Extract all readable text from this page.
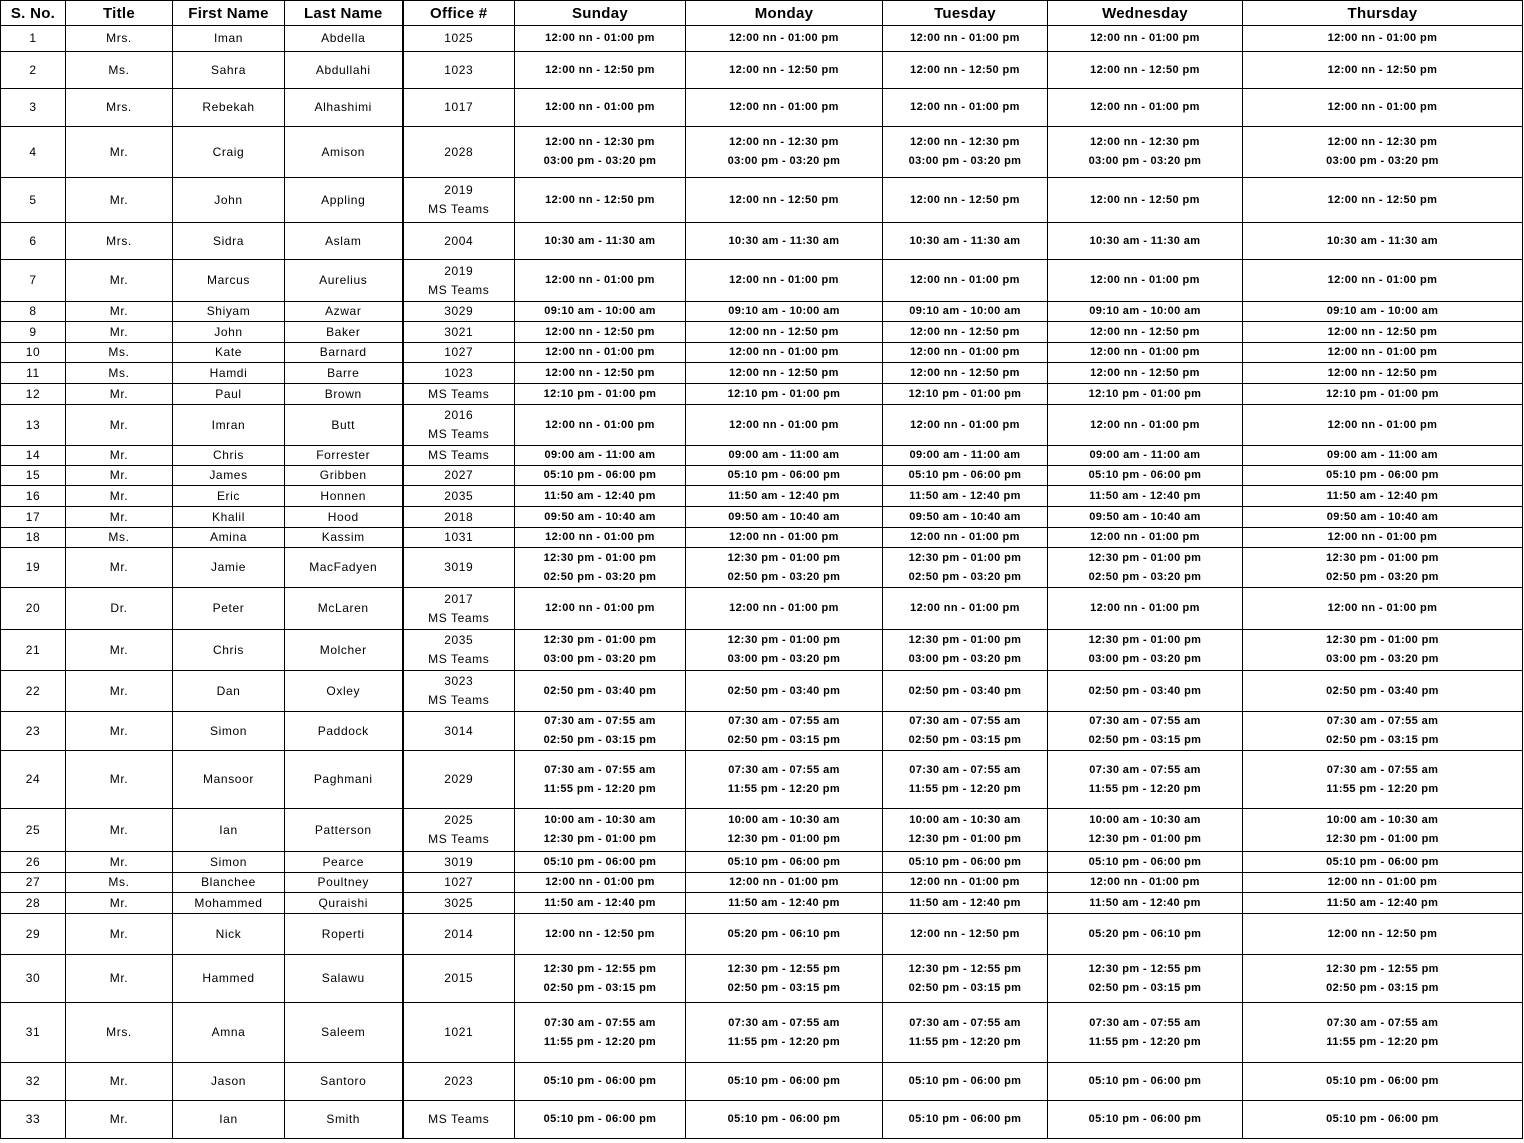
S. No.	Title	First Name	Last Name	Office #	Sunday	Monday	Tuesday	Wednesday	Thursday
1	Mrs.	Iman	Abdella	1025	12:00 nn - 01:00 pm	12:00 nn - 01:00 pm	12:00 nn - 01:00 pm	12:00 nn - 01:00 pm	12:00 nn - 01:00 pm

2	Ms.	Sahra	Abdullahi	1023	12:00 nn - 12:50 pm	12:00 nn - 12:50 pm	12:00 nn - 12:50 pm	12:00 nn - 12:50 pm	12:00 nn - 12:50 pm

3	Mrs.	Rebekah	Alhashimi	1017	12:00 nn - 01:00 pm	12:00 nn - 01:00 pm	12:00 nn - 01:00 pm	12:00 nn - 01:00 pm	12:00 nn - 01:00 pm

4	Mr.	Craig	Amison	2028	12:00 nn - 12:30 pm
03:00 pm - 03:20 pm	12:00 nn - 12:30 pm
03:00 pm - 03:20 pm	12:00 nn - 12:30 pm
03:00 pm - 03:20 pm	12:00 nn - 12:30 pm
03:00 pm - 03:20 pm	12:00 nn - 12:30 pm
03:00 pm - 03:20 pm

5	Mr.	John	Appling	2019
MS Teams	12:00 nn - 12:50 pm	12:00 nn - 12:50 pm	12:00 nn - 12:50 pm	12:00 nn - 12:50 pm	12:00 nn - 12:50 pm

6	Mrs.	Sidra	Aslam	2004	10:30 am - 11:30 am	10:30 am - 11:30 am	10:30 am - 11:30 am	10:30 am - 11:30 am	10:30 am - 11:30 am

7	Mr.	Marcus	Aurelius	2019
MS Teams	12:00 nn - 01:00 pm	12:00 nn - 01:00 pm	12:00 nn - 01:00 pm	12:00 nn - 01:00 pm	12:00 nn - 01:00 pm

8	Mr.	Shiyam	Azwar	3029	09:10 am - 10:00 am	09:10 am - 10:00 am	09:10 am - 10:00 am	09:10 am - 10:00 am	09:10 am - 10:00 am

9	Mr.	John	Baker	3021	12:00 nn - 12:50 pm	12:00 nn - 12:50 pm	12:00 nn - 12:50 pm	12:00 nn - 12:50 pm	12:00 nn - 12:50 pm

10	Ms.	Kate	Barnard	1027	12:00 nn - 01:00 pm	12:00 nn - 01:00 pm	12:00 nn - 01:00 pm	12:00 nn - 01:00 pm	12:00 nn - 01:00 pm

11	Ms.	Hamdi	Barre	1023	12:00 nn - 12:50 pm	12:00 nn - 12:50 pm	12:00 nn - 12:50 pm	12:00 nn - 12:50 pm	12:00 nn - 12:50 pm

12	Mr.	Paul	Brown	MS Teams	12:10 pm - 01:00 pm	12:10 pm - 01:00 pm	12:10 pm - 01:00 pm	12:10 pm - 01:00 pm	12:10 pm - 01:00 pm

13	Mr.	Imran	Butt	2016
MS Teams	12:00 nn - 01:00 pm	12:00 nn - 01:00 pm	12:00 nn - 01:00 pm	12:00 nn - 01:00 pm	12:00 nn - 01:00 pm

14	Mr.	Chris	Forrester	MS Teams	09:00 am - 11:00 am	09:00 am - 11:00 am	09:00 am - 11:00 am	09:00 am - 11:00 am	09:00 am - 11:00 am

15	Mr.	James	Gribben	2027	05:10 pm - 06:00 pm	05:10 pm - 06:00 pm	05:10 pm - 06:00 pm	05:10 pm - 06:00 pm	05:10 pm - 06:00 pm

16	Mr.	Eric	Honnen	2035	11:50 am - 12:40 pm	11:50 am - 12:40 pm	11:50 am - 12:40 pm	11:50 am - 12:40 pm	11:50 am - 12:40 pm

17	Mr.	Khalil	Hood	2018	09:50 am - 10:40 am	09:50 am - 10:40 am	09:50 am - 10:40 am	09:50 am - 10:40 am	09:50 am - 10:40 am

18	Ms.	Amina	Kassim	1031	12:00 nn - 01:00 pm	12:00 nn - 01:00 pm	12:00 nn - 01:00 pm	12:00 nn - 01:00 pm	12:00 nn - 01:00 pm

19	Mr.	Jamie	MacFadyen	3019	12:30 pm - 01:00 pm
02:50 pm - 03:20 pm	12:30 pm - 01:00 pm
02:50 pm - 03:20 pm	12:30 pm - 01:00 pm
02:50 pm - 03:20 pm	12:30 pm - 01:00 pm
02:50 pm - 03:20 pm	12:30 pm - 01:00 pm
02:50 pm - 03:20 pm

20	Dr.	Peter	McLaren	2017
MS Teams	12:00 nn - 01:00 pm	12:00 nn - 01:00 pm	12:00 nn - 01:00 pm	12:00 nn - 01:00 pm	12:00 nn - 01:00 pm

21	Mr.	Chris	Molcher	2035
MS Teams	12:30 pm - 01:00 pm
03:00 pm - 03:20 pm	12:30 pm - 01:00 pm
03:00 pm - 03:20 pm	12:30 pm - 01:00 pm
03:00 pm - 03:20 pm	12:30 pm - 01:00 pm
03:00 pm - 03:20 pm	12:30 pm - 01:00 pm
03:00 pm - 03:20 pm

22	Mr.	Dan	Oxley	3023
MS Teams	02:50 pm - 03:40 pm	02:50 pm - 03:40 pm	02:50 pm - 03:40 pm	02:50 pm - 03:40 pm	02:50 pm - 03:40 pm

23	Mr.	Simon	Paddock	3014	07:30 am - 07:55 am
02:50 pm - 03:15 pm	07:30 am - 07:55 am
02:50 pm - 03:15 pm	07:30 am - 07:55 am
02:50 pm - 03:15 pm	07:30 am - 07:55 am
02:50 pm - 03:15 pm	07:30 am - 07:55 am
02:50 pm - 03:15 pm

24	Mr.	Mansoor	Paghmani	2029	07:30 am - 07:55 am
11:55 pm - 12:20 pm	07:30 am - 07:55 am
11:55 pm - 12:20 pm	07:30 am - 07:55 am
11:55 pm - 12:20 pm	07:30 am - 07:55 am
11:55 pm - 12:20 pm	07:30 am - 07:55 am
11:55 pm - 12:20 pm

25	Mr.	Ian	Patterson	2025
MS Teams	10:00 am - 10:30 am
12:30 pm - 01:00 pm	10:00 am - 10:30 am
12:30 pm - 01:00 pm	10:00 am - 10:30 am
12:30 pm - 01:00 pm	10:00 am - 10:30 am
12:30 pm - 01:00 pm	10:00 am - 10:30 am
12:30 pm - 01:00 pm

26	Mr.	Simon	Pearce	3019	05:10 pm - 06:00 pm	05:10 pm - 06:00 pm	05:10 pm - 06:00 pm	05:10 pm - 06:00 pm	05:10 pm - 06:00 pm

27	Ms.	Blanchee	Poultney	1027	12:00 nn - 01:00 pm	12:00 nn - 01:00 pm	12:00 nn - 01:00 pm	12:00 nn - 01:00 pm	12:00 nn - 01:00 pm

28	Mr.	Mohammed	Quraishi	3025	11:50 am - 12:40 pm	11:50 am - 12:40 pm	11:50 am - 12:40 pm	11:50 am - 12:40 pm	11:50 am - 12:40 pm

29	Mr.	Nick	Roperti	2014	12:00 nn - 12:50 pm	05:20 pm - 06:10 pm	12:00 nn - 12:50 pm	05:20 pm - 06:10 pm	12:00 nn - 12:50 pm

30	Mr.	Hammed	Salawu	2015	12:30 pm - 12:55 pm
02:50 pm - 03:15 pm	12:30 pm - 12:55 pm
02:50 pm - 03:15 pm	12:30 pm - 12:55 pm
02:50 pm - 03:15 pm	12:30 pm - 12:55 pm
02:50 pm - 03:15 pm	12:30 pm - 12:55 pm
02:50 pm - 03:15 pm

31	Mrs.	Amna	Saleem	1021	07:30 am - 07:55 am
11:55 pm - 12:20 pm	07:30 am - 07:55 am
11:55 pm - 12:20 pm	07:30 am - 07:55 am
11:55 pm - 12:20 pm	07:30 am - 07:55 am
11:55 pm - 12:20 pm	07:30 am - 07:55 am
11:55 pm - 12:20 pm

32	Mr.	Jason	Santoro	2023	05:10 pm - 06:00 pm	05:10 pm - 06:00 pm	05:10 pm - 06:00 pm	05:10 pm - 06:00 pm	05:10 pm - 06:00 pm

33	Mr.	Ian	Smith	MS Teams	05:10 pm - 06:00 pm	05:10 pm - 06:00 pm	05:10 pm - 06:00 pm	05:10 pm - 06:00 pm	05:10 pm - 06:00 pm
